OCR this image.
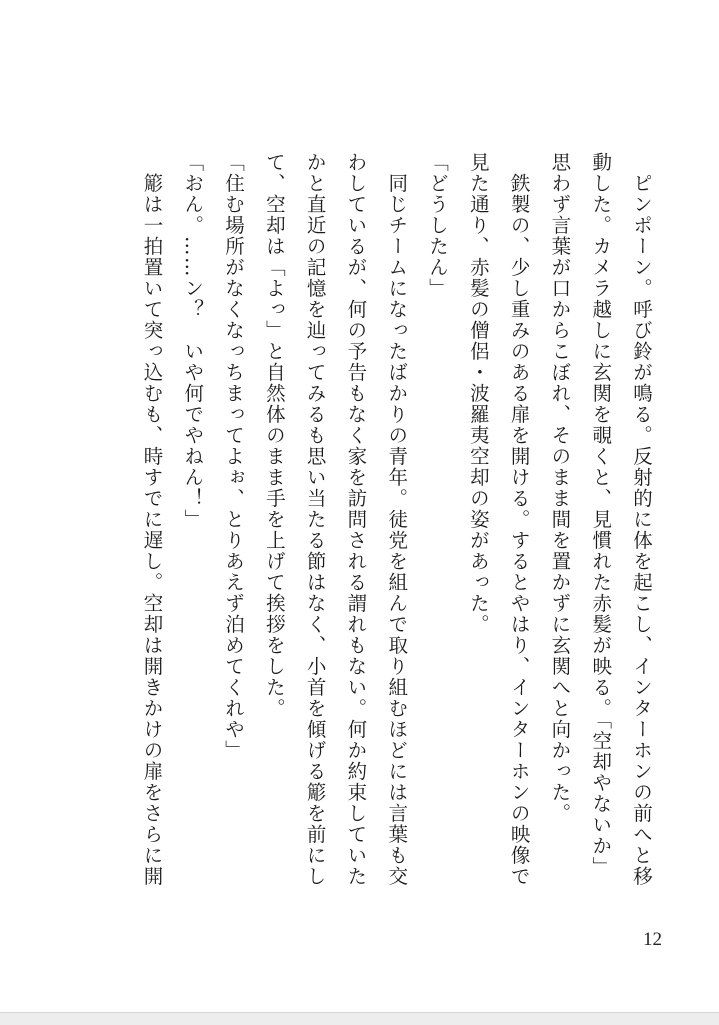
　ピンポーン。呼び鈴が鳴る。反射的に体を起こし、インターホンの前へと移

動した。カメラ越しに玄関を覗くと、見慣れた赤髪が映る。「空却やないか」

思わず言葉が口からこぼれ、そのまま間を置かずに玄関へと向かった。

　鉄製の、少し重みのある扉を開ける。するとやはり、インターホンの映像で

見た通り、赤髪の僧侶・波羅夷空却の姿があった。

「どうしたん」

　同じチームになったばかりの青年。徒党を組んで取り組むほどには言葉も交

わしているが、何の予告もなく家を訪問される謂れもない。何か約束していた

かと直近の記憶を辿ってみるも思い当たる節はなく、小首を傾げる簓を前にし

て、空却は「よっ」と自然体のまま手を上げて挨拶をした。

「住む場所がなくなっちまってよぉ、とりあえず泊めてくれや」

「おん。……ン？　いや何でやねん！」

　簓は一拍置いて突っ込むも、時すでに遅し。空却は開きかけの扉をさらに開

12
